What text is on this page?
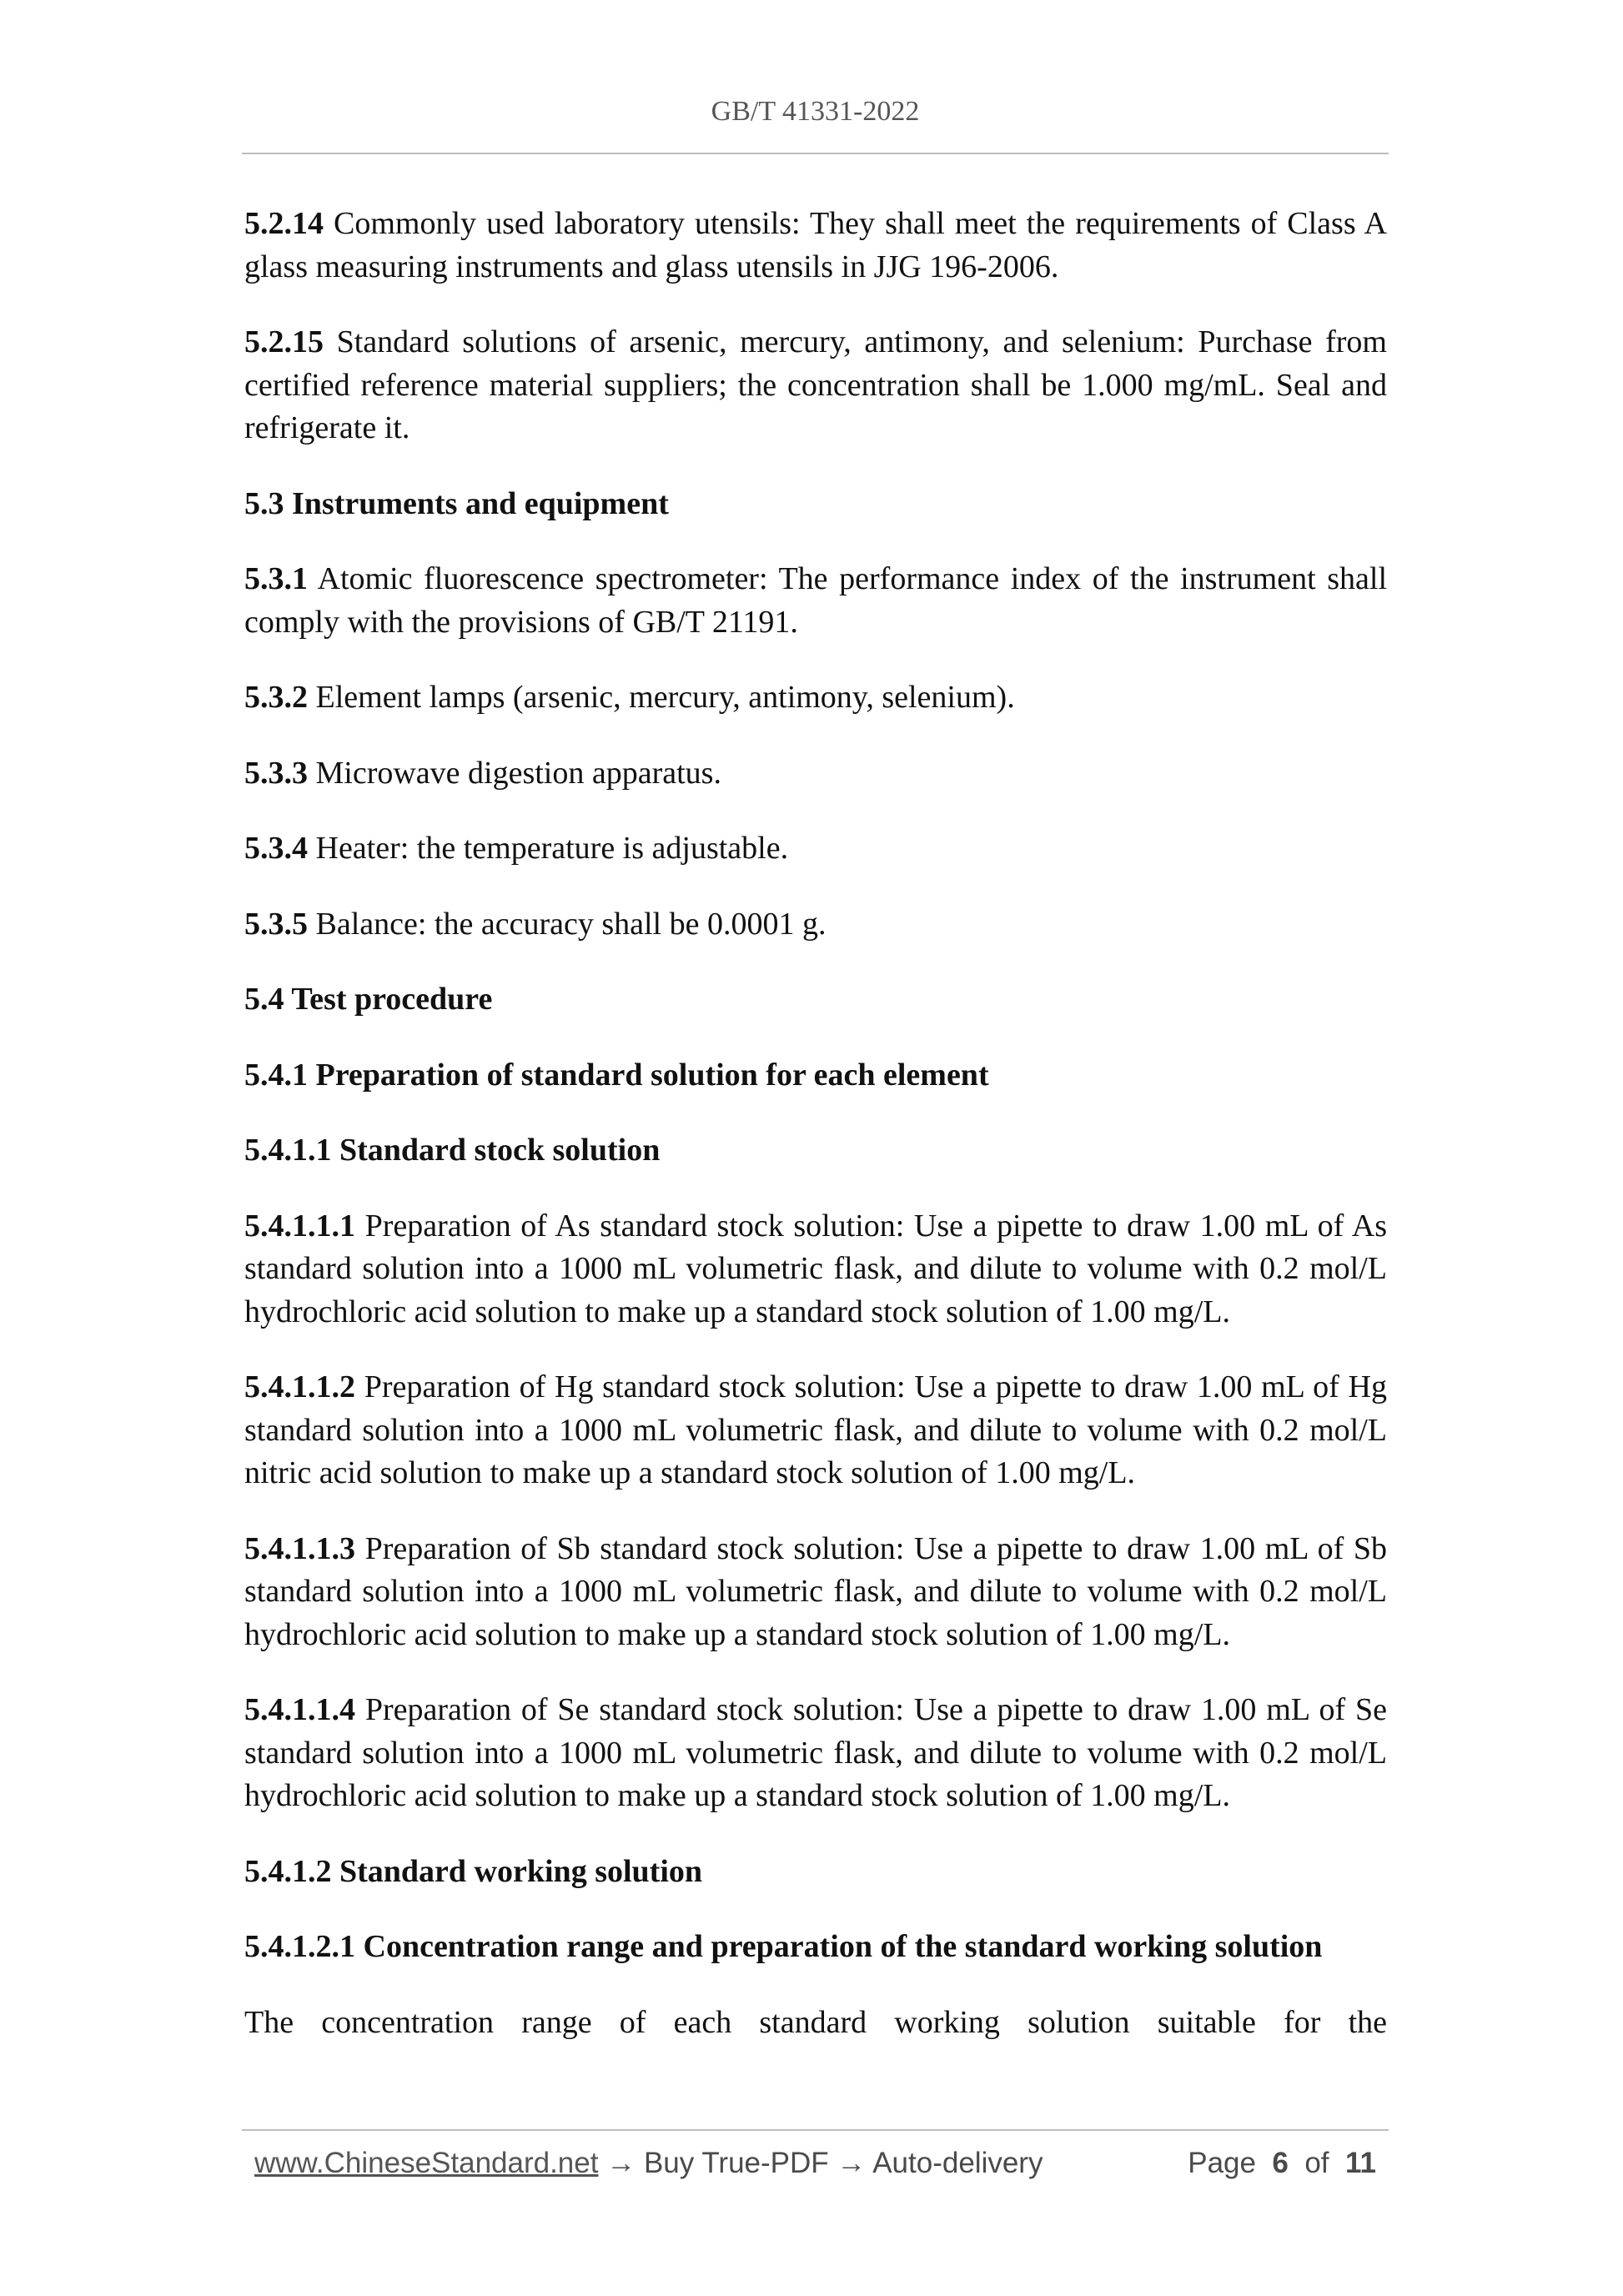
GB/T 41331-2022

5.2.14 Commonly used laboratory utensils: They shall meet the requirements of Class A glass measuring instruments and glass utensils in JJG 196-2006.

5.2.15 Standard solutions of arsenic, mercury, antimony, and selenium: Purchase from certified reference material suppliers; the concentration shall be 1.000 mg/mL. Seal and refrigerate it.

5.3 Instruments and equipment

5.3.1 Atomic fluorescence spectrometer: The performance index of the instrument shall comply with the provisions of GB/T 21191.

5.3.2 Element lamps (arsenic, mercury, antimony, selenium).

5.3.3 Microwave digestion apparatus.

5.3.4 Heater: the temperature is adjustable.

5.3.5 Balance: the accuracy shall be 0.0001 g.

5.4 Test procedure

5.4.1 Preparation of standard solution for each element

5.4.1.1 Standard stock solution

5.4.1.1.1 Preparation of As standard stock solution: Use a pipette to draw 1.00 mL of As standard solution into a 1000 mL volumetric flask, and dilute to volume with 0.2 mol/L hydrochloric acid solution to make up a standard stock solution of 1.00 mg/L.

5.4.1.1.2 Preparation of Hg standard stock solution: Use a pipette to draw 1.00 mL of Hg standard solution into a 1000 mL volumetric flask, and dilute to volume with 0.2 mol/L nitric acid solution to make up a standard stock solution of 1.00 mg/L.

5.4.1.1.3 Preparation of Sb standard stock solution: Use a pipette to draw 1.00 mL of Sb standard solution into a 1000 mL volumetric flask, and dilute to volume with 0.2 mol/L hydrochloric acid solution to make up a standard stock solution of 1.00 mg/L.

5.4.1.1.4 Preparation of Se standard stock solution: Use a pipette to draw 1.00 mL of Se standard solution into a 1000 mL volumetric flask, and dilute to volume with 0.2 mol/L hydrochloric acid solution to make up a standard stock solution of 1.00 mg/L.

5.4.1.2 Standard working solution

5.4.1.2.1 Concentration range and preparation of the standard working solution

The concentration range of each standard working solution suitable for the

www.ChineseStandard.net → Buy True-PDF → Auto-delivery	Page 6 of 11
